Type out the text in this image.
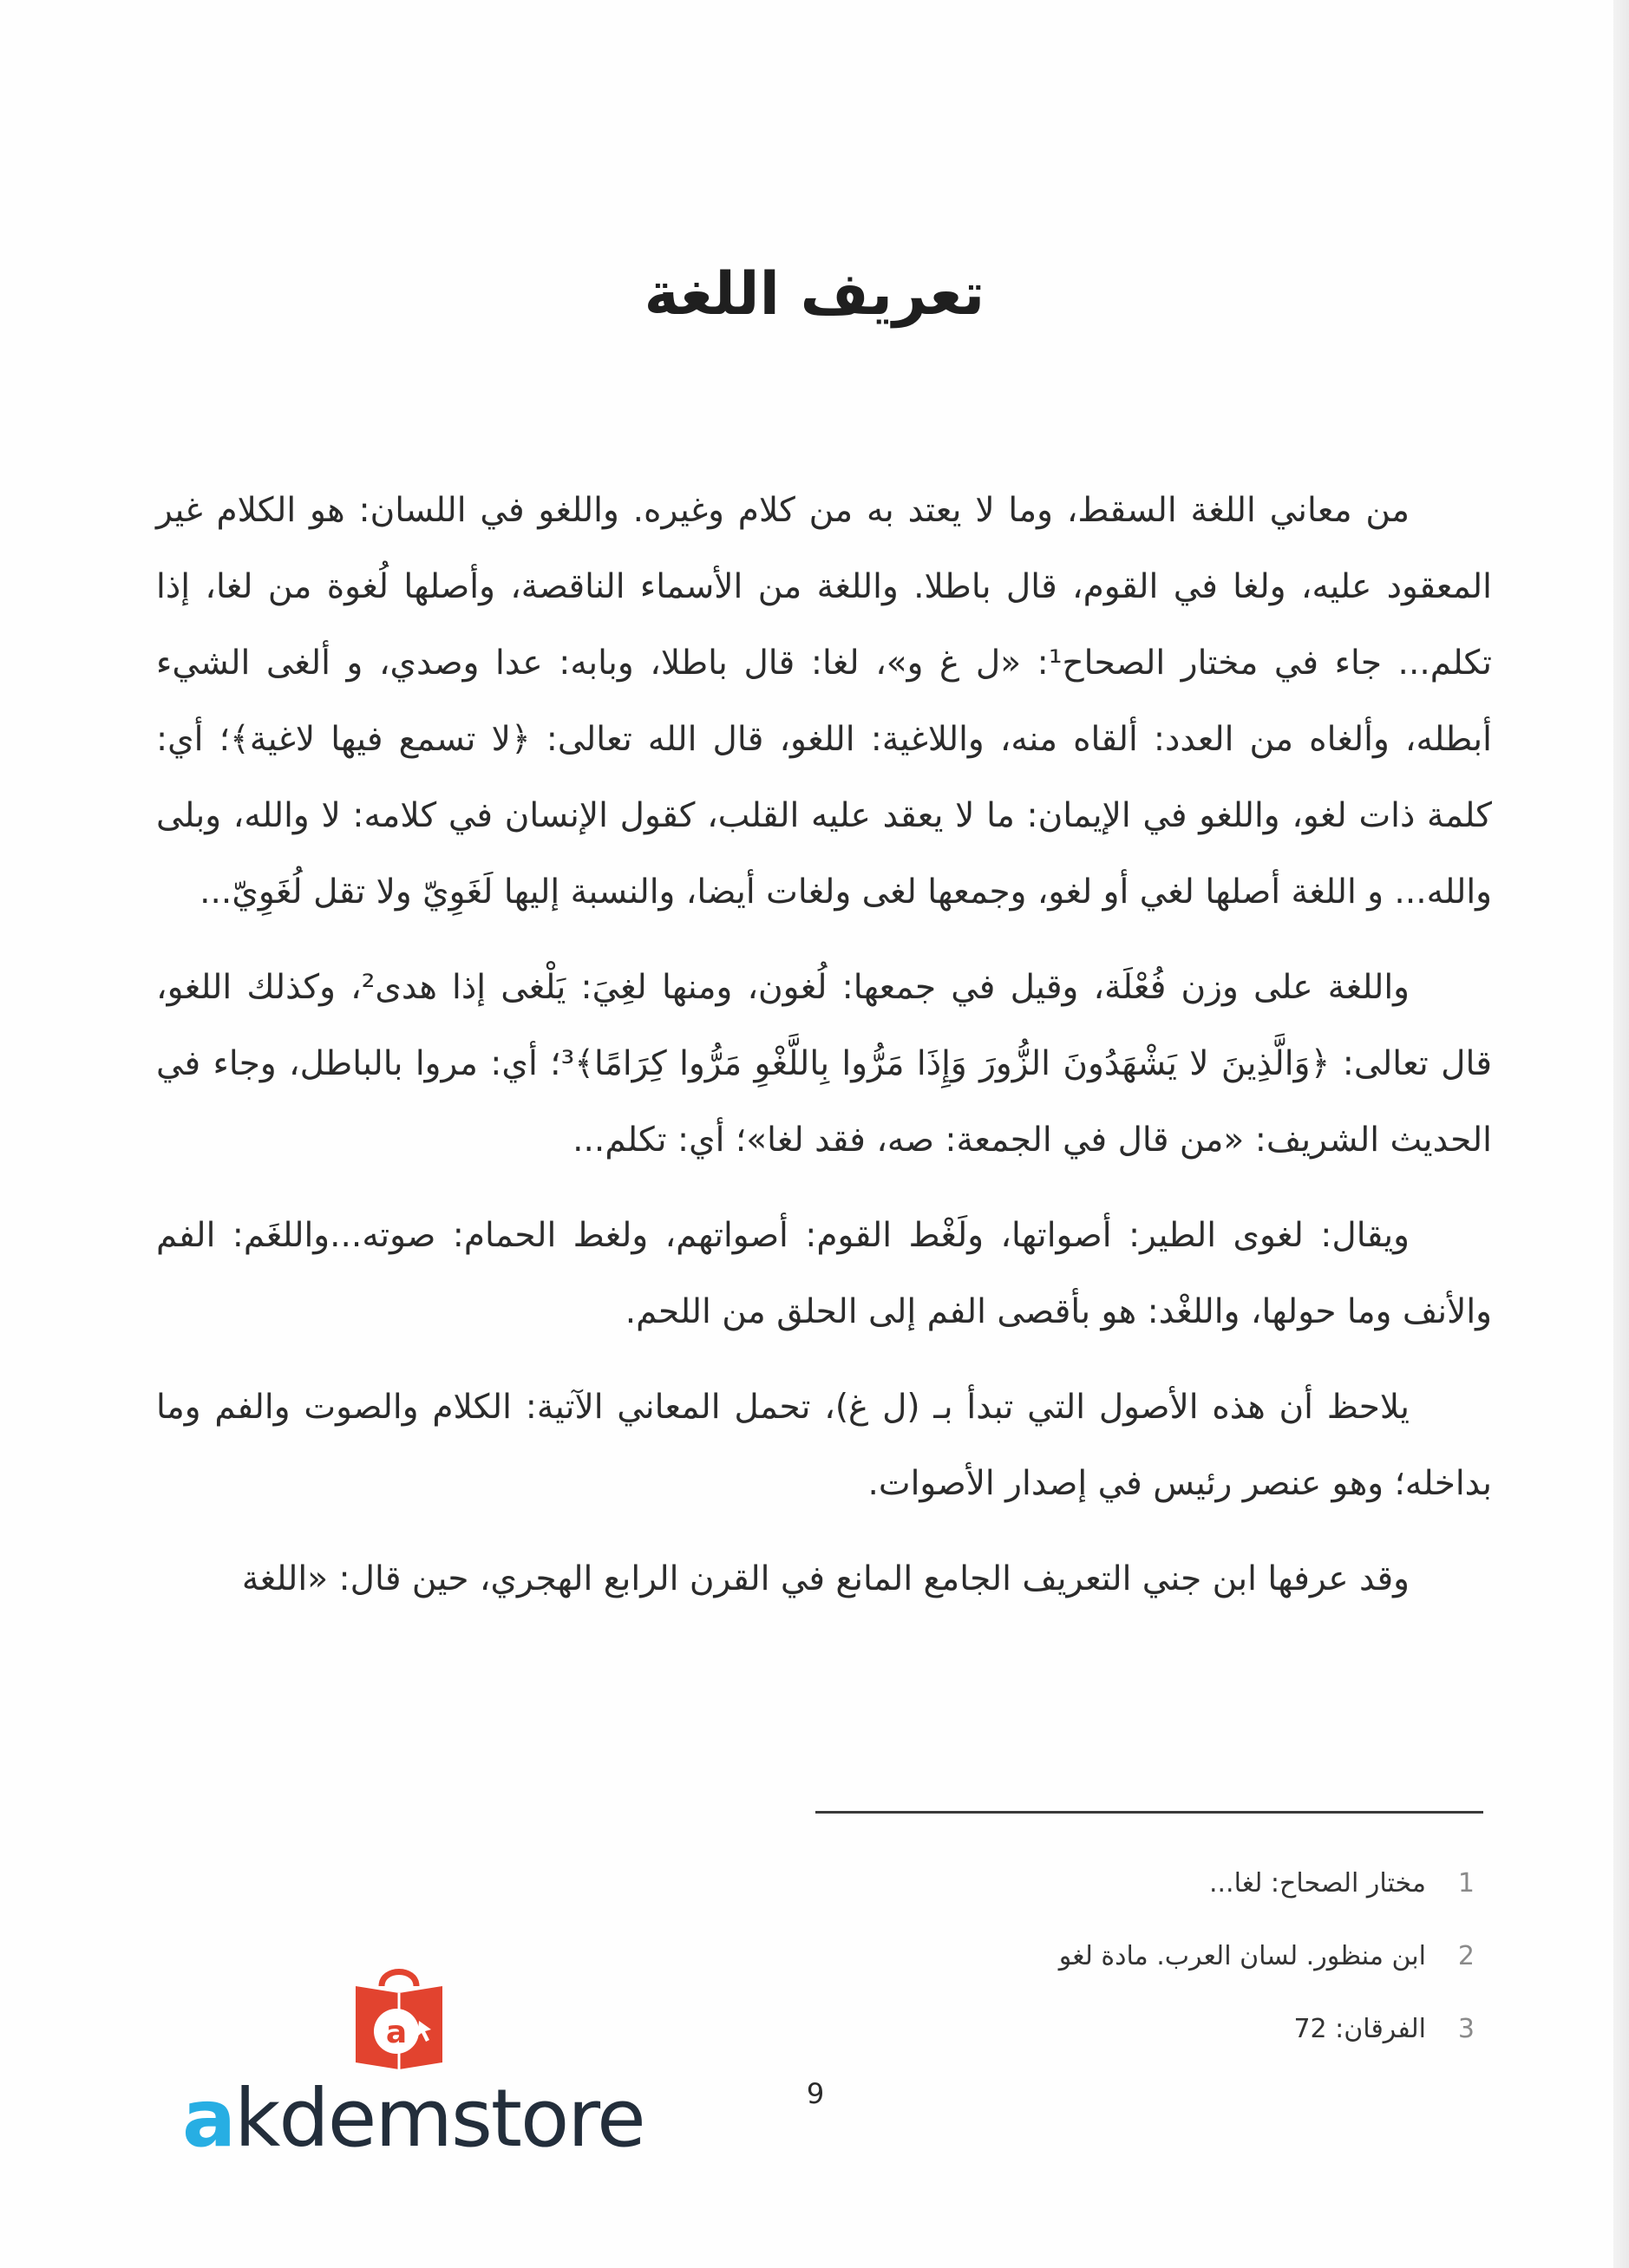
تعريف اللغة

من معاني اللغة السقط، وما لا يعتد به من كلام وغيره. واللغو في اللسان: هو الكلام غير المعقود عليه، ولغا في القوم، قال باطلا. واللغة من الأسماء الناقصة، وأصلها لُغوة من لغا، إذا تكلم... جاء في مختار الصحاح¹: «ل غ و»، لغا: قال باطلا، وبابه: عدا وصدي، و ألغى الشيء أبطله، وألغاه من العدد: ألقاه منه، واللاغية: اللغو، قال الله تعالى: ﴿لا تسمع فيها لاغية﴾؛ أي: كلمة ذات لغو، واللغو في الإيمان: ما لا يعقد عليه القلب، كقول الإنسان في كلامه: لا والله، وبلى والله... و اللغة أصلها لغي أو لغو، وجمعها لغى ولغات أيضا، والنسبة إليها لَغَوِيّ ولا تقل لُغَوِيّ...

واللغة على وزن فُعْلَة، وقيل في جمعها: لُغون، ومنها لغِيَ: يَلْغى إذا هدى²، وكذلك اللغو، قال تعالى: ﴿وَالَّذِينَ لا يَشْهَدُونَ الزُّورَ وَإِذَا مَرُّوا بِاللَّغْوِ مَرُّوا كِرَامًا﴾³؛ أي: مروا بالباطل، وجاء في الحديث الشريف: «من قال في الجمعة: صه، فقد لغا»؛ أي: تكلم...

ويقال: لغوى الطير: أصواتها، ولَغْط القوم: أصواتهم، ولغط الحمام: صوته...واللغَم: الفم والأنف وما حولها، واللغْد: هو بأقصى الفم إلى الحلق من اللحم.

يلاحظ أن هذه الأصول التي تبدأ بـ (ل غ)، تحمل المعاني الآتية: الكلام والصوت والفم وما بداخله؛ وهو عنصر رئيس في إصدار الأصوات.

وقد عرفها ابن جني التعريف الجامع المانع في القرن الرابع الهجري، حين قال: «اللغة

1مختار الصحاح: لغا...
2ابن منظور. لسان العرب. مادة لغو
3الفرقان: 72
9
a
akdemstore
